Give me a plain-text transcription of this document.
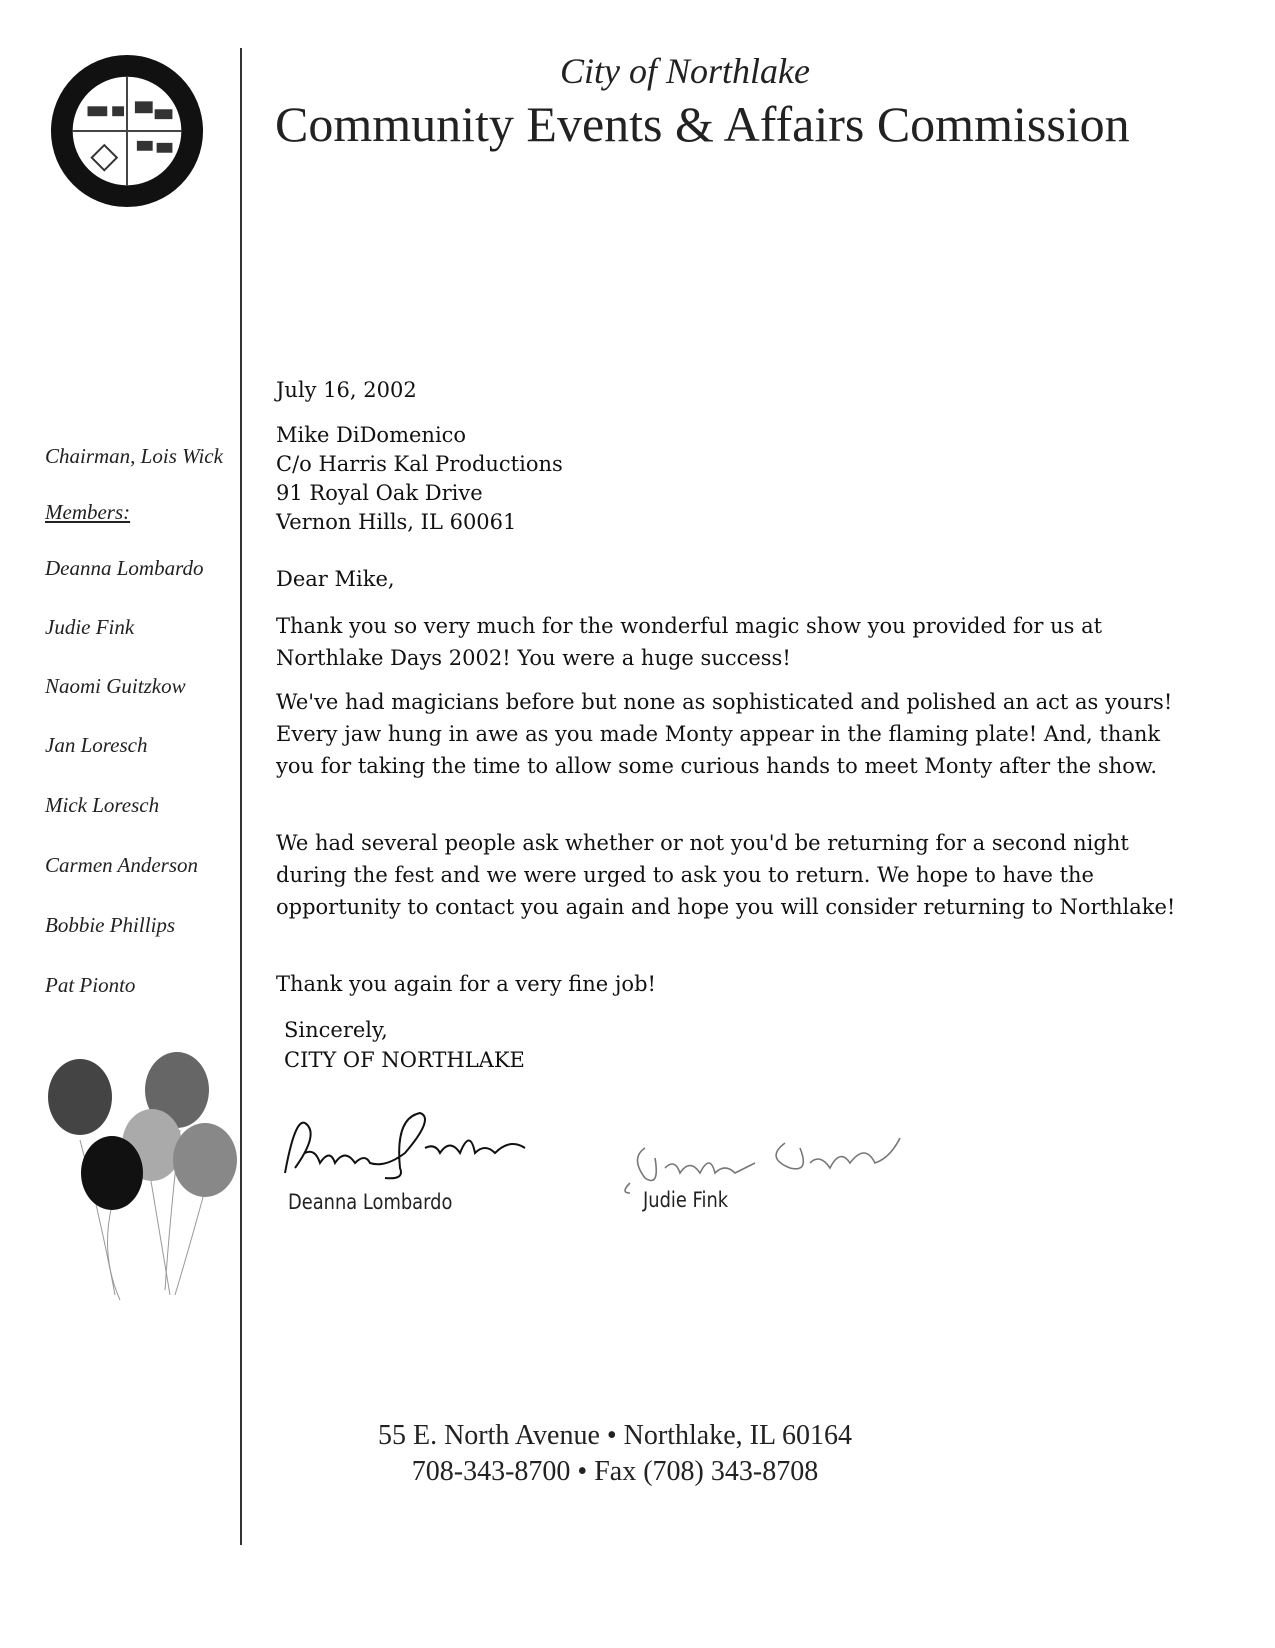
City of Northlake
Community Events & Affairs Commission
Chairman, Lois Wick
Members:
Deanna Lombardo
Judie Fink
Naomi Guitzkow
Jan Loresch
Mick Loresch
Carmen Anderson
Bobbie Phillips
Pat Pionto
July 16, 2002

Mike DiDomenico

C/o Harris Kal Productions

91 Royal Oak Drive

Vernon Hills, IL 60061

Dear Mike,
Thank you so very much for the wonderful magic show you provided for us at Northlake Days 2002! You were a huge success!
We've had magicians before but none as sophisticated and polished an act as yours! Every jaw hung in awe as you made Monty appear in the flaming plate! And, thank you for taking the time to allow some curious hands to meet Monty after the show.
We had several people ask whether or not you'd be returning for a second night during the fest and we were urged to ask you to return. We hope to have the opportunity to contact you again and hope you will consider returning to Northlake!
Thank you again for a very fine job!

Sincerely,

CITY OF NORTHLAKE

Deanna Lombardo	Judie Fink
55 E. North Avenue • Northlake, IL 60164
708-343-8700 • Fax (708) 343-8708
